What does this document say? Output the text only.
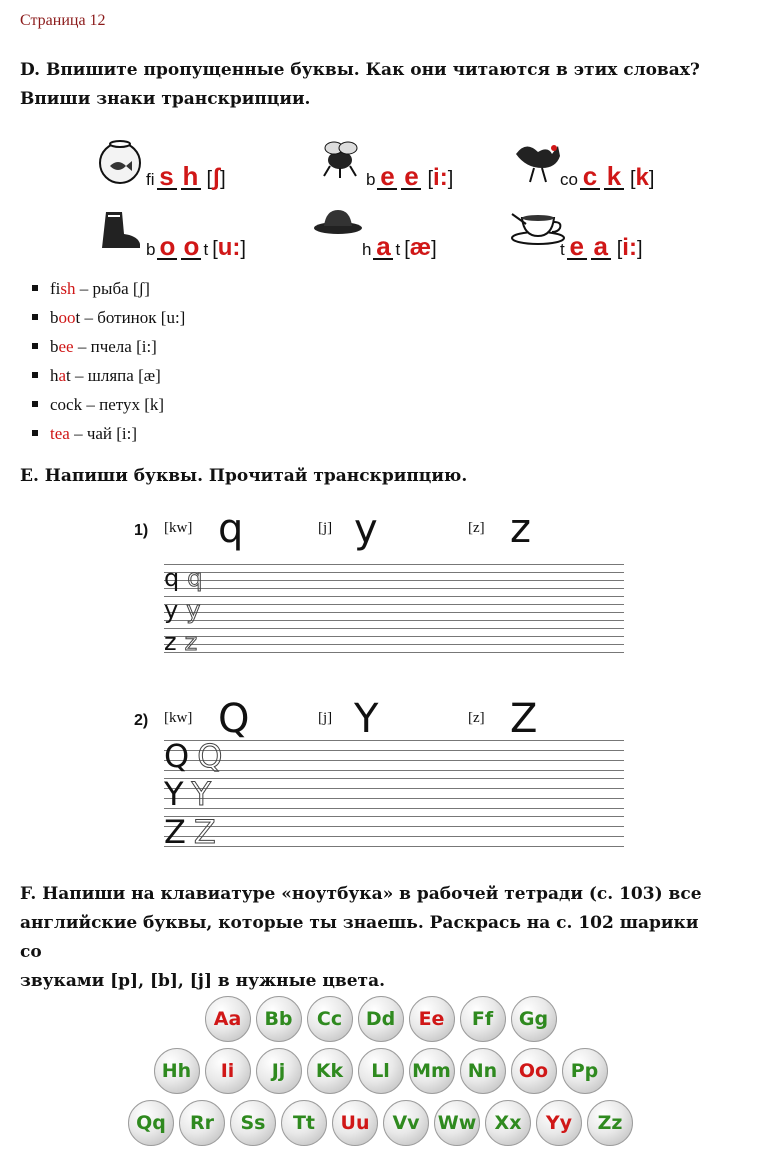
Страница 12
D. Впишите пропущенные буквы. Как они читаются в этих словах?
Впиши знаки транскрипции.
fi s h [ʃ]	b e e [i:]	co c k [k]
b o o t [u:]	h a t [æ]	t e a [i:]
fish – рыба [ʃ]
boot – ботинок [u:]
bee – пчела [i:]
hat – шляпа [æ]
cock – петух [k]
tea – чай [i:]
E. Напиши буквы. Прочитай транскрипцию.
1) [kw] q	[j] y	[z] z
q q
y y
z z
2) [kw] Q	[j] Y	[z] Z
Q Q
Y Y
Z Z
F. Напиши на клавиатуре «ноутбука» в рабочей тетради (с. 103) все
английские буквы, которые ты знаешь. Раскрась на с. 102 шарики со
звуками [p], [b], [j] в нужные цвета.
Aa	Bb	Cc	Dd	Ee	Ff	Gg
Hh	Ii	Jj	Kk	Ll	Mm Nn	Oo	Pp
Qq	Rr	Ss	Tt	Uu	Vv Ww Xx	Yy	Zz
